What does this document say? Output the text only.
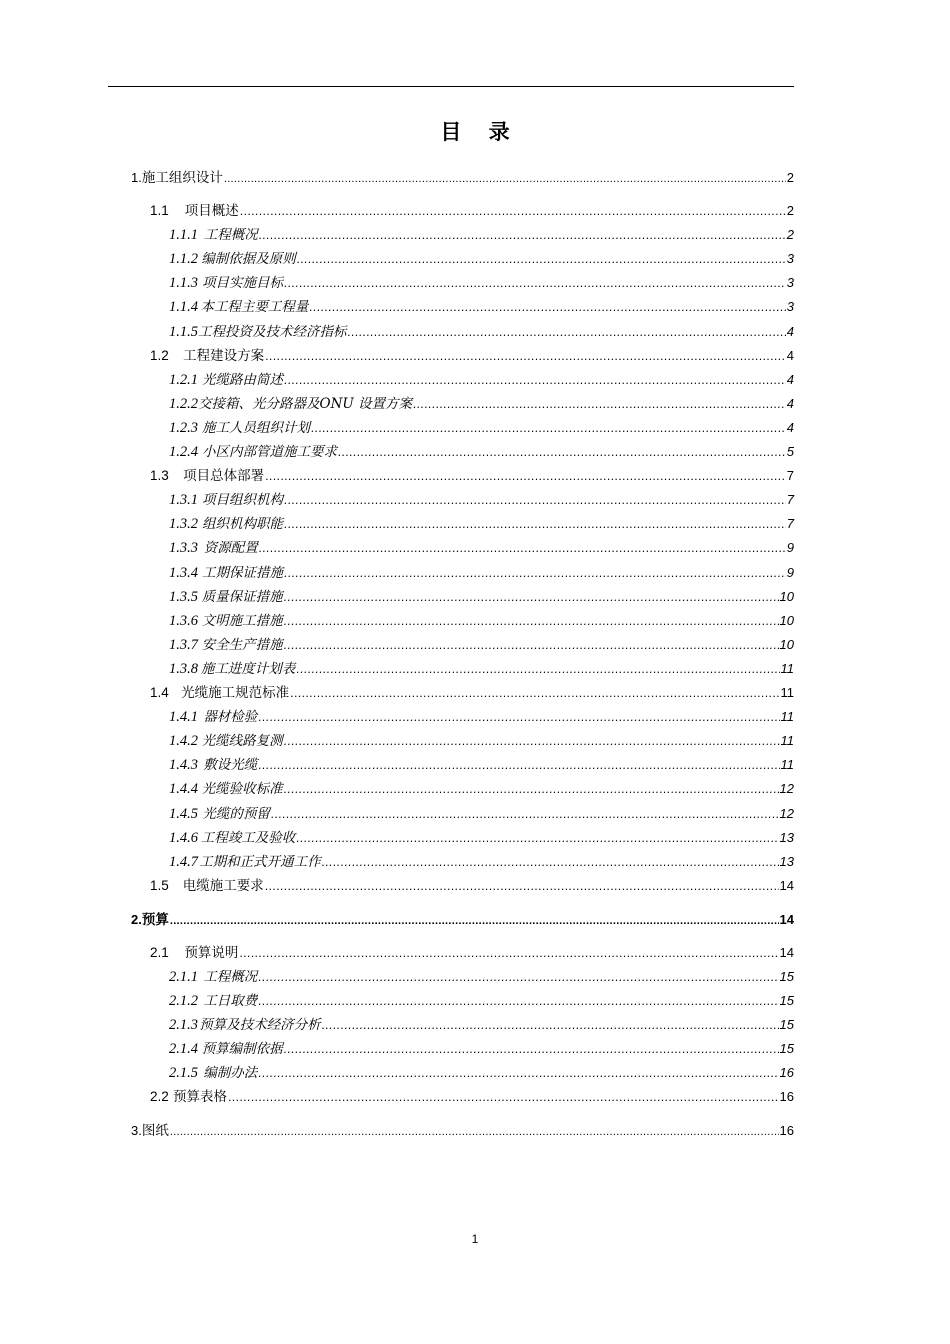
目 录
1. 施工组织设计 .....	2
1.1	项目概述 .....	2
1.1.1 工程概况 .....	2
1.1.2 编制依据及原则 .....	3
1.1.3 项目实施目标 .....	3
1.1.4 本工程主要工程量 .....	3
1.1.5 工程投资及技术经济指标 .....	4
1.2	工程建设方案 .....	4
1.2.1 光缆路由简述 .....	4
1.2.2 交接箱、光分路器及ONU 设置方案 .....	4
1.2.3 施工人员组织计划 .....	4
1.2.4 小区内部管道施工要求 .....	5
1.3	项目总体部署 .....	7
1.3.1 项目组织机构 .....	7
1.3.2 组织机构职能 .....	7
1.3.3 资源配置 .....	9
1.3.4 工期保证措施 .....	9
1.3.5 质量保证措施 .....	10
1.3.6 文明施工措施 .....	10
1.3.7 安全生产措施 .....	10
1.3.8 施工进度计划表 .....	11
1.4 光缆施工规范标准 .....	11
1.4.1 器材检验 .....	11
1.4.2 光缆线路复测 .....	11
1.4.3 敷设光缆 .....	11
1.4.4 光缆验收标准 .....	12
1.4.5 光缆的预留 .....	12
1.4.6 工程竣工及验收 .....	13
1.4.7 工期和正式开通工作 .....	13
1.5	电缆施工要求 .....	14
2. 预算 .....	14
2.1	预算说明 .....	14
2.1.1 工程概况 .....	15
2.1.2 工日取费 .....	15
2.1.3 预算及技术经济分析 .....	15
2.1.4 预算编制依据 .....	15
2.1.5 编制办法 .....	16
2.2 预算表格 .....	16
3. 图纸 .....	16
1
